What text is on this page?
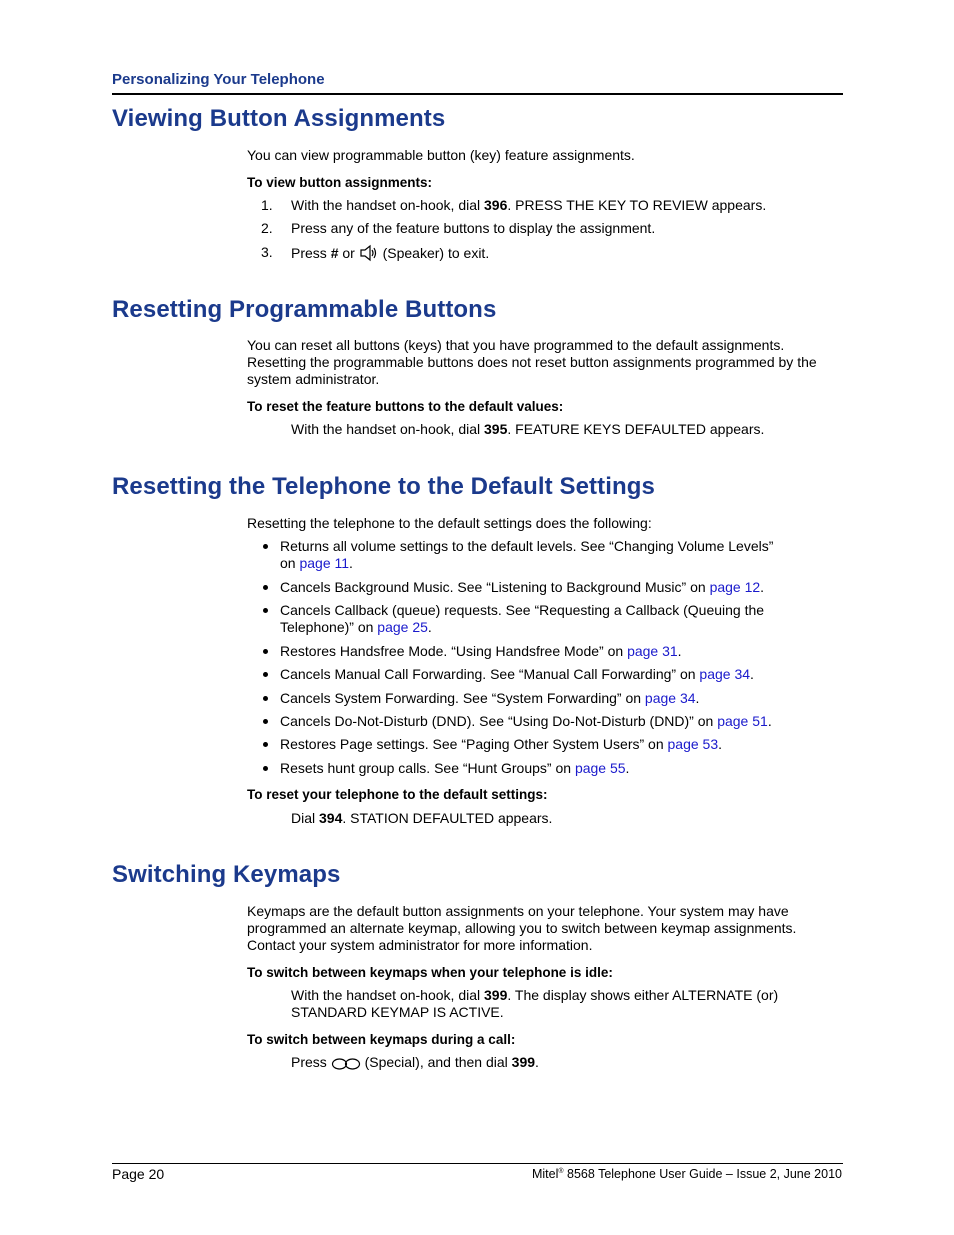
Personalizing Your Telephone
Viewing Button Assignments
You can view programmable button (key) feature assignments.
To view button assignments:
1. With the handset on-hook, dial 396. PRESS THE KEY TO REVIEW appears.
2. Press any of the feature buttons to display the assignment.
3. Press # or  (Speaker) to exit.
Resetting Programmable Buttons
You can reset all buttons (keys) that you have programmed to the default assignments. Resetting the programmable buttons does not reset button assignments programmed by the system administrator.
To reset the feature buttons to the default values:
With the handset on-hook, dial 395. FEATURE KEYS DEFAULTED appears.
Resetting the Telephone to the Default Settings
Resetting the telephone to the default settings does the following:
Returns all volume settings to the default levels. See “Changing Volume Levels” on page 11.
Cancels Background Music. See “Listening to Background Music” on page 12.
Cancels Callback (queue) requests. See “Requesting a Callback (Queuing the Telephone)” on page 25.
Restores Handsfree Mode. “Using Handsfree Mode” on page 31.
Cancels Manual Call Forwarding. See “Manual Call Forwarding” on page 34.
Cancels System Forwarding. See “System Forwarding” on page 34.
Cancels Do-Not-Disturb (DND). See “Using Do-Not-Disturb (DND)” on page 51.
Restores Page settings. See “Paging Other System Users” on page 53.
Resets hunt group calls. See “Hunt Groups” on page 55.
To reset your telephone to the default settings:
Dial 394. STATION DEFAULTED appears.
Switching Keymaps
Keymaps are the default button assignments on your telephone. Your system may have programmed an alternate keymap, allowing you to switch between keymap assignments. Contact your system administrator for more information.
To switch between keymaps when your telephone is idle:
With the handset on-hook, dial 399. The display shows either ALTERNATE (or) STANDARD KEYMAP IS ACTIVE.
To switch between keymaps during a call:
Press  (Special), and then dial 399.
Page 20	Mitel® 8568 Telephone User Guide – Issue 2, June 2010
